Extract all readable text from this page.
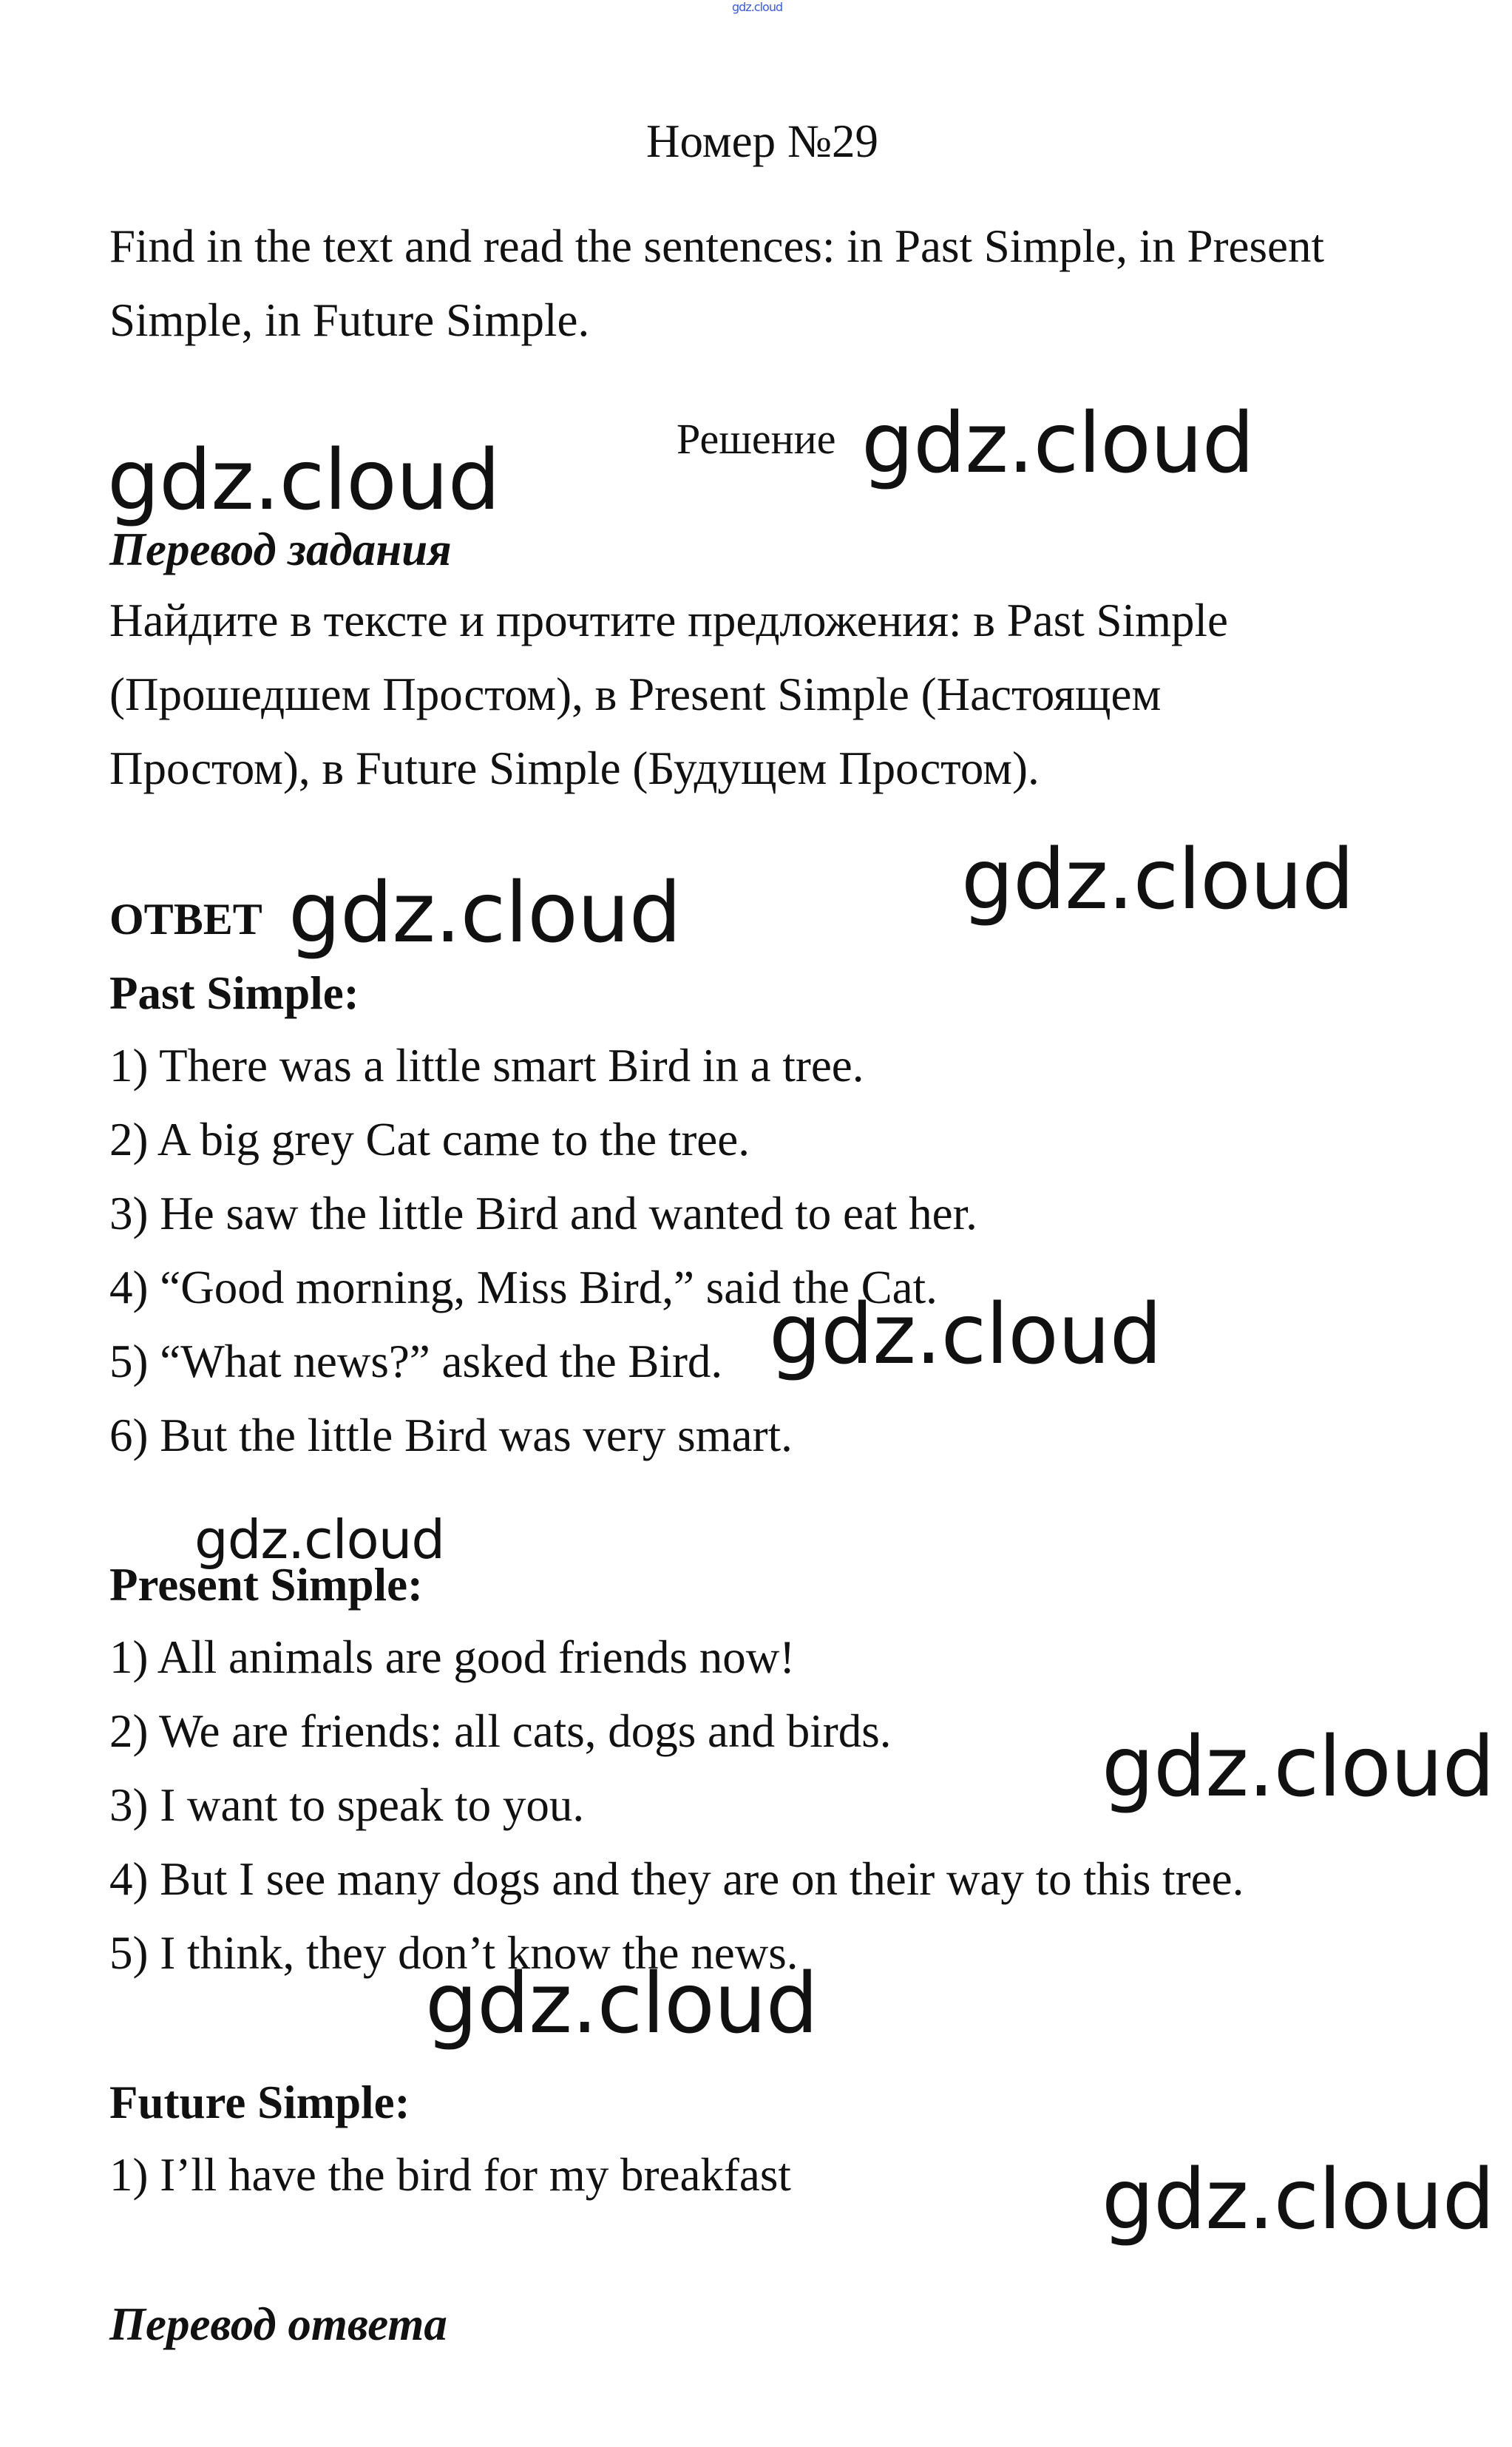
gdz.cloud
Номер №29
Find in the text and read the sentences: in Past Simple, in Present
Simple, in Future Simple.
Решение gdz.cloud
gdz.cloud
Перевод задания
Найдите в тексте и прочтите предложения: в Past Simple
(Прошедшем Простом), в Present Simple (Настоящем
Простом), в Future Simple (Будущем Простом).
ОТВЕТ gdz.cloud	gdz.cloud
Past Simple:
1) There was a little smart Bird in a tree.
2) A big grey Cat came to the tree.
3) He saw the little Bird and wanted to eat her.
4) “Good morning, Miss Bird,” said the Cat.
5) “What news?” asked the Bird. gdz.cloud
6) But the little Bird was very smart.
gdz.cloud
Present Simple:
1) All animals are good friends now!
2) We are friends: all cats, dogs and birds.	gdz.cloud
3) I want to speak to you.
4) But I see many dogs and they are on their way to this tree.
5) I think, they don’t know the news.
gdz.cloud
Future Simple:
1) I’ll have the bird for my breakfast	gdz.cloud
Перевод ответа
